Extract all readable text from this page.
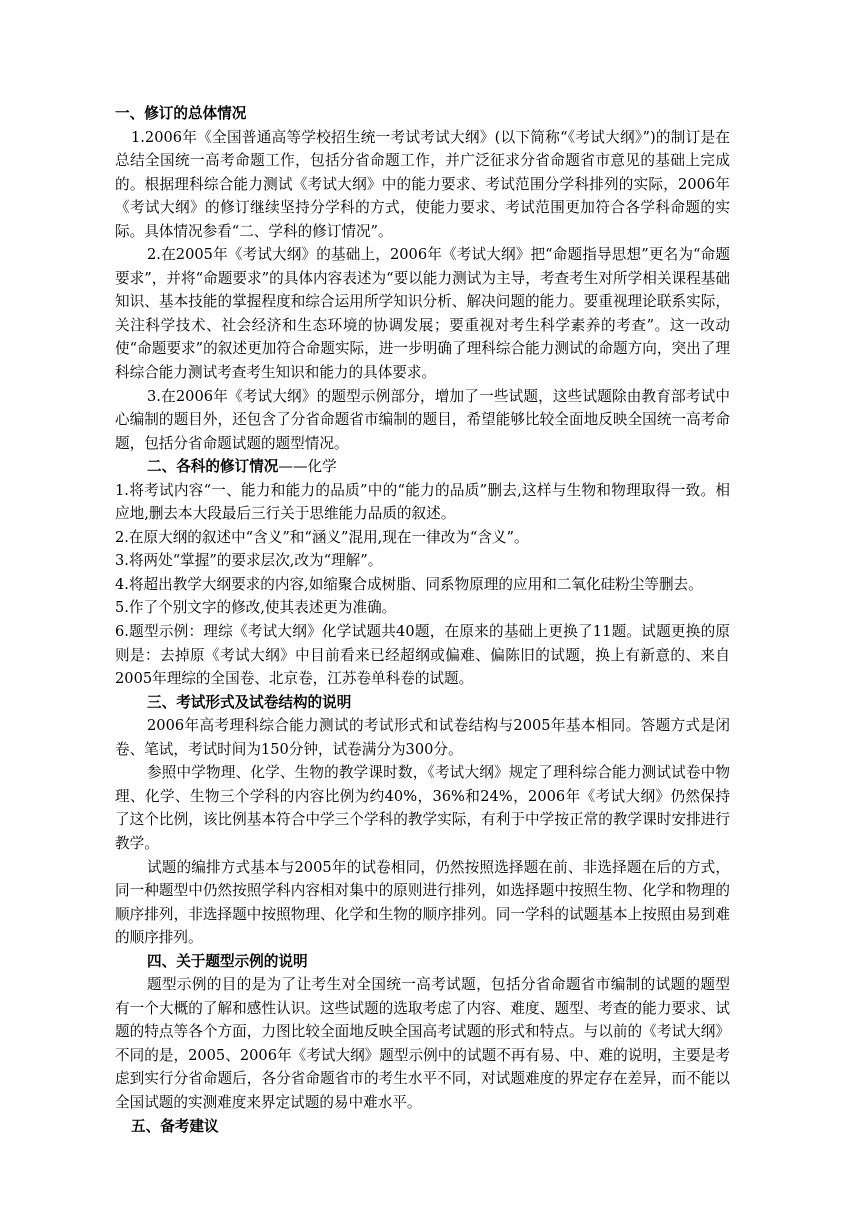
一、修订的总体情况

1.2006年《全国普通高等学校招生统一考试考试大纲》(以下简称“《考试大纲》”)的制订是在总结全国统一高考命题工作，包括分省命题工作，并广泛征求分省命题省市意见的基础上完成的。根据理科综合能力测试《考试大纲》中的能力要求、考试范围分学科排列的实际，2006年《考试大纲》的修订继续坚持分学科的方式，使能力要求、考试范围更加符合各学科命题的实际。具体情况参看“二、学科的修订情况”。

2.在2005年《考试大纲》的基础上，2006年《考试大纲》把“命题指导思想”更名为“命题要求”，并将“命题要求”的具体内容表述为“要以能力测试为主导，考查考生对所学相关课程基础知识、基本技能的掌握程度和综合运用所学知识分析、解决问题的能力。要重视理论联系实际，关注科学技术、社会经济和生态环境的协调发展；要重视对考生科学素养的考查”。这一改动使“命题要求”的叙述更加符合命题实际，进一步明确了理科综合能力测试的命题方向，突出了理科综合能力测试考查考生知识和能力的具体要求。

3.在2006年《考试大纲》的题型示例部分，增加了一些试题，这些试题除由教育部考试中心编制的题目外，还包含了分省命题省市编制的题目，希望能够比较全面地反映全国统一高考命题，包括分省命题试题的题型情况。

二、各科的修订情况——化学

1.将考试内容“一、能力和能力的品质”中的“能力的品质”删去,这样与生物和物理取得一致。相应地,删去本大段最后三行关于思维能力品质的叙述。

2.在原大纲的叙述中“含义”和“涵义”混用,现在一律改为“含义”。

3.将两处“掌握”的要求层次,改为“理解”。

4.将超出教学大纲要求的内容,如缩聚合成树脂、同系物原理的应用和二氧化硅粉尘等删去。

5.作了个别文字的修改,使其表述更为准确。

6.题型示例：理综《考试大纲》化学试题共40题，在原来的基础上更换了11题。试题更换的原则是：去掉原《考试大纲》中目前看来已经超纲或偏难、偏陈旧的试题，换上有新意的、来自2005年理综的全国卷、北京卷，江苏卷单科卷的试题。

三、考试形式及试卷结构的说明

2006年高考理科综合能力测试的考试形式和试卷结构与2005年基本相同。答题方式是闭卷、笔试，考试时间为150分钟，试卷满分为300分。

参照中学物理、化学、生物的教学课时数，《考试大纲》规定了理科综合能力测试试卷中物理、化学、生物三个学科的内容比例为约40%，36%和24%，2006年《考试大纲》仍然保持了这个比例，该比例基本符合中学三个学科的教学实际，有利于中学按正常的教学课时安排进行教学。

试题的编排方式基本与2005年的试卷相同，仍然按照选择题在前、非选择题在后的方式，同一种题型中仍然按照学科内容相对集中的原则进行排列，如选择题中按照生物、化学和物理的顺序排列，非选择题中按照物理、化学和生物的顺序排列。同一学科的试题基本上按照由易到难的顺序排列。

四、关于题型示例的说明

题型示例的目的是为了让考生对全国统一高考试题，包括分省命题省市编制的试题的题型有一个大概的了解和感性认识。这些试题的选取考虑了内容、难度、题型、考查的能力要求、试题的特点等各个方面，力图比较全面地反映全国高考试题的形式和特点。与以前的《考试大纲》不同的是，2005、2006年《考试大纲》题型示例中的试题不再有易、中、难的说明，主要是考虑到实行分省命题后，各分省命题省市的考生水平不同，对试题难度的界定存在差异，而不能以全国试题的实测难度来界定试题的易中难水平。

五、备考建议
